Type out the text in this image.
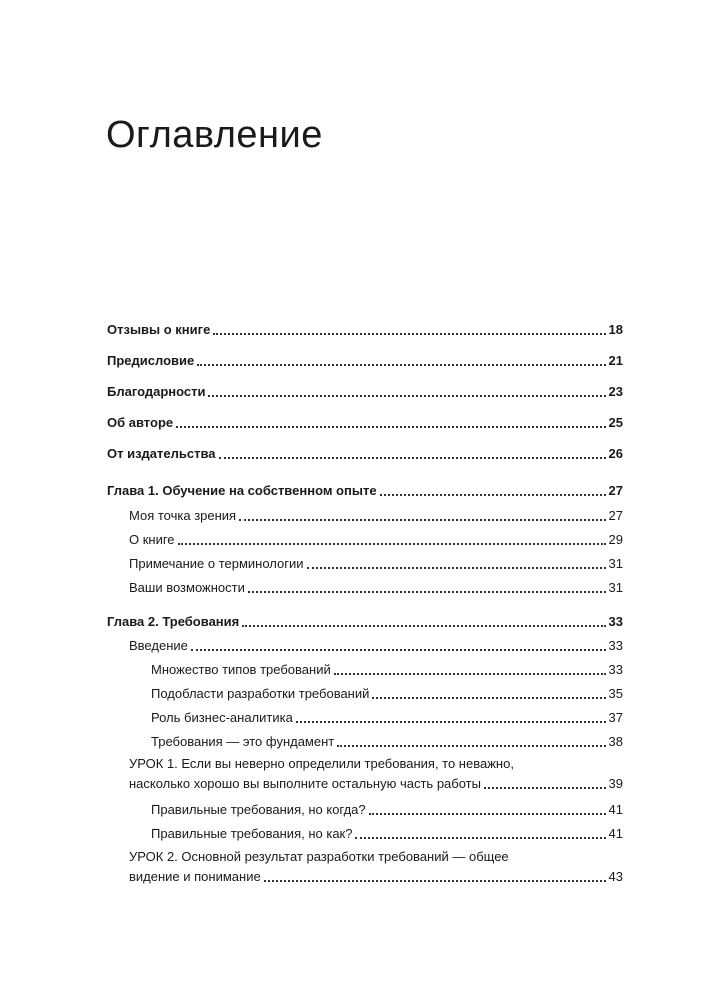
Оглавление
Отзывы о книге	18
Предисловие	21
Благодарности	23
Об авторе	25
От издательства	26
Глава 1. Обучение на собственном опыте	27
Моя точка зрения	27
О книге	29
Примечание о терминологии	31
Ваши возможности	31
Глава 2. Требования	33
Введение	33
Множество типов требований	33
Подобласти разработки требований	35
Роль бизнес-аналитика	37
Требования — это фундамент	38
УРОК 1. Если вы неверно определили требования, то неважно,
насколько хорошо вы выполните остальную часть работы	39
Правильные требования, но когда?	41
Правильные требования, но как?	41
УРОК 2. Основной результат разработки требований — общее
видение и понимание	43
